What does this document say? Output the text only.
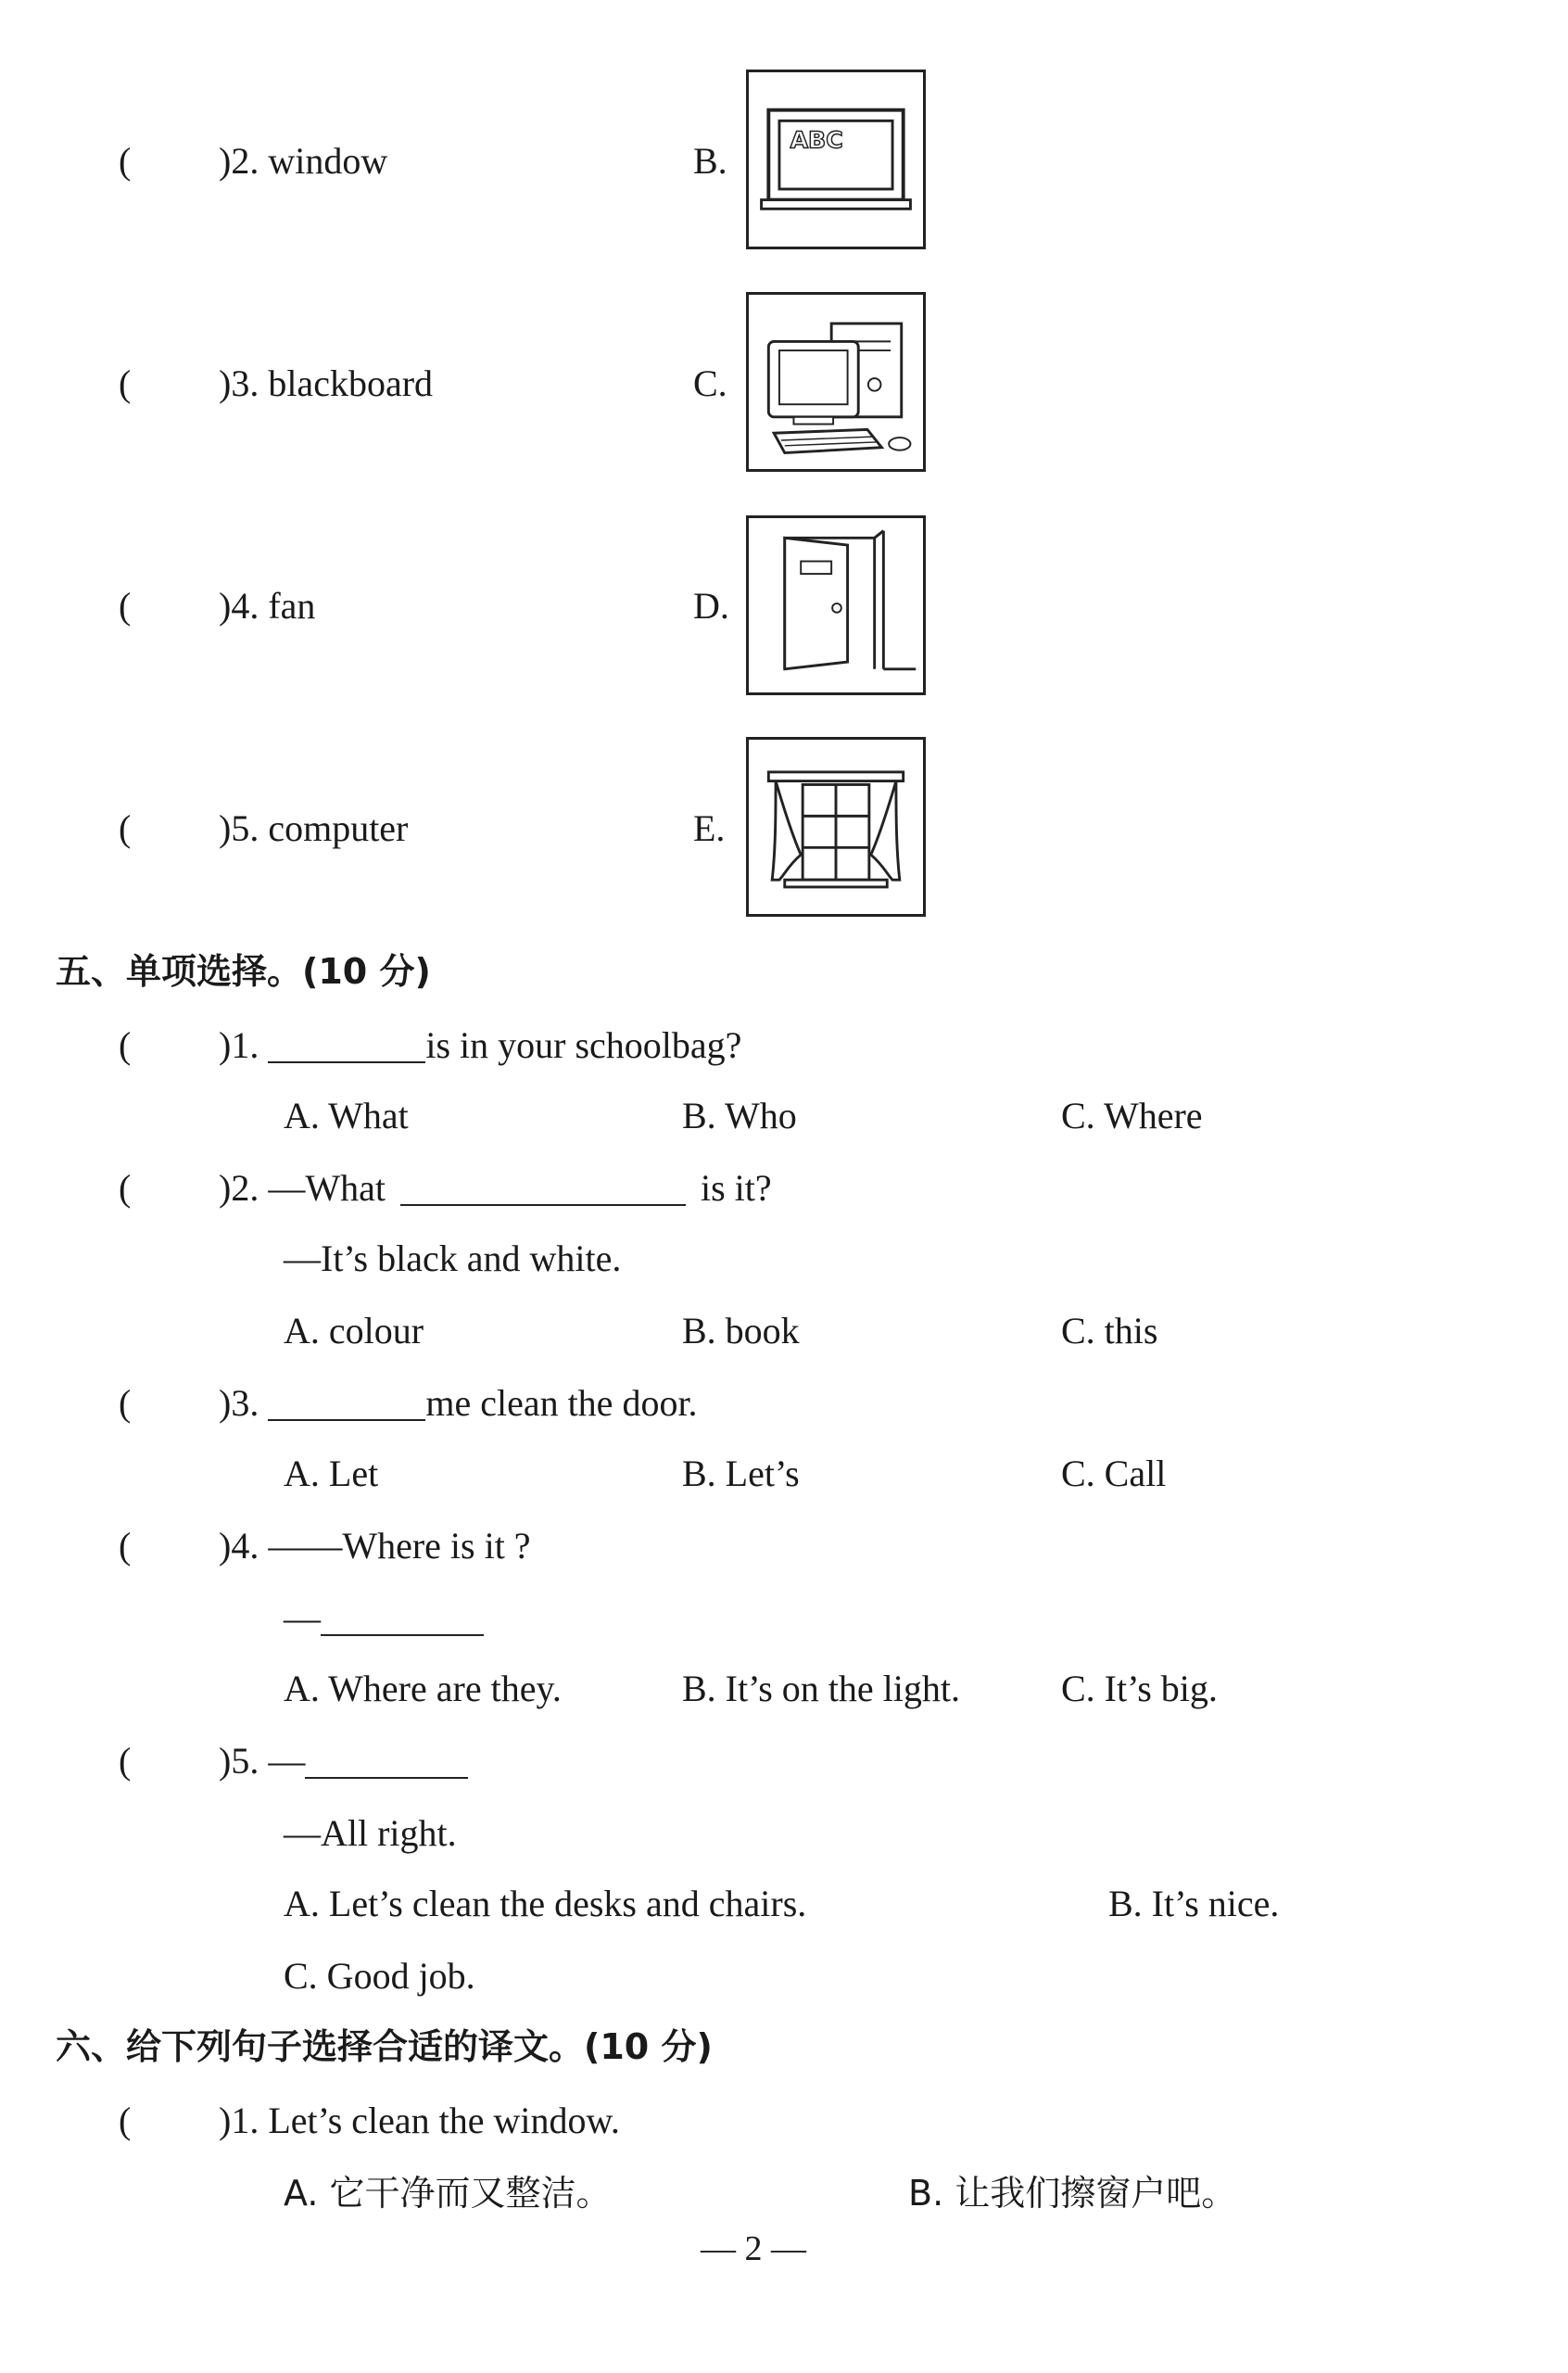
( )2. window	B.
ABC
( )3. blackboard	C.
( )4. fan	D.
( )5. computer	E.
五、单项选择。(10 分)
( )1.	is in your schoolbag?
A. What	B. Who	C. Where
( )2. —What	is it?
—It’s black and white.
A. colour	B. book	C. this
( )3.	me clean the door.
A. Let	B. Let’s	C. Call
( )4. ——Where is it ?
—
A. Where are they.	B. It’s on the light.	C. It’s big.
( )5. —
—All right.
A. Let’s clean the desks and chairs.	B. It’s nice.
C. Good job.
六、给下列句子选择合适的译文。(10 分)
( )1. Let’s clean the window.
A. 它干净而又整洁。	B. 让我们擦窗户吧。
— 2 —
